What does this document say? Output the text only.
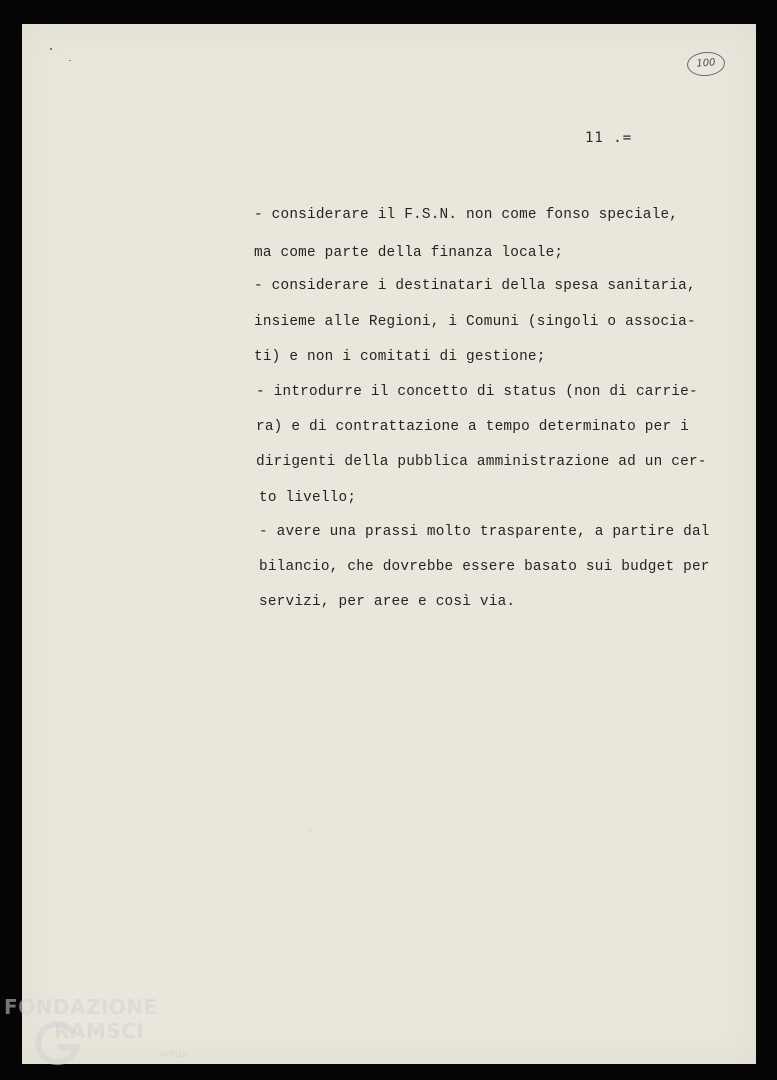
100
11 .=
- considerare il F.S.N. non come fonso speciale,
ma come parte della finanza locale;
- considerare i destinatari della spesa sanitaria,
insieme alle Regioni, i Comuni (singoli o associa-
ti) e non i comitati di gestione;
- introdurre il concetto di status (non di carrie-
ra) e di contrattazione a tempo determinato per i
dirigenti della pubblica amministrazione ad un cer-
to livello;
- avere una prassi molto trasparente, a partire dal
bilancio, che dovrebbe essere basato sui budget per
servizi, per aree e così via.
FONDAZIONE
RAMSCI
onlus
